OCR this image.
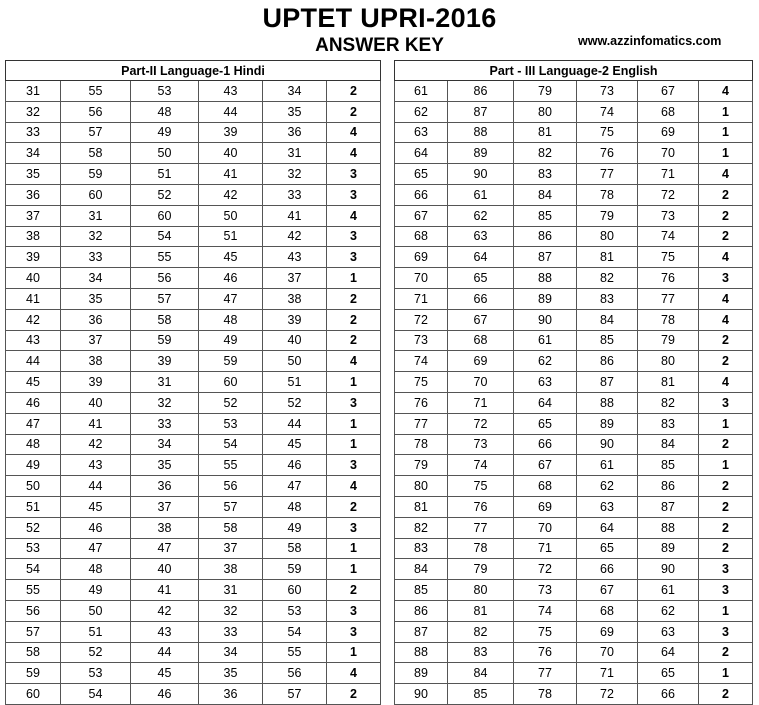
UPTET UPRI-2016
ANSWER KEY	www.azzinfomatics.com
Part-II Language-1 Hindi					
31	55	53	43	34	2
32	56	48	44	35	2
33	57	49	39	36	4
34	58	50	40	31	4
35	59	51	41	32	3
36	60	52	42	33	3
37	31	60	50	41	4
38	32	54	51	42	3
39	33	55	45	43	3
40	34	56	46	37	1
41	35	57	47	38	2
42	36	58	48	39	2
43	37	59	49	40	2
44	38	39	59	50	4
45	39	31	60	51	1
46	40	32	52	52	3
47	41	33	53	44	1
48	42	34	54	45	1
49	43	35	55	46	3
50	44	36	56	47	4
51	45	37	57	48	2
52	46	38	58	49	3
53	47	47	37	58	1
54	48	40	38	59	1
55	49	41	31	60	2
56	50	42	32	53	3
57	51	43	33	54	3
58	52	44	34	55	1
59	53	45	35	56	4
60	54	46	36	57	2
Part - III Language-2 English					
61	86	79	73	67	4
62	87	80	74	68	1
63	88	81	75	69	1
64	89	82	76	70	1
65	90	83	77	71	4
66	61	84	78	72	2
67	62	85	79	73	2
68	63	86	80	74	2
69	64	87	81	75	4
70	65	88	82	76	3
71	66	89	83	77	4
72	67	90	84	78	4
73	68	61	85	79	2
74	69	62	86	80	2
75	70	63	87	81	4
76	71	64	88	82	3
77	72	65	89	83	1
78	73	66	90	84	2
79	74	67	61	85	1
80	75	68	62	86	2
81	76	69	63	87	2
82	77	70	64	88	2
83	78	71	65	89	2
84	79	72	66	90	3
85	80	73	67	61	3
86	81	74	68	62	1
87	82	75	69	63	3
88	83	76	70	64	2
89	84	77	71	65	1
90	85	78	72	66	2
